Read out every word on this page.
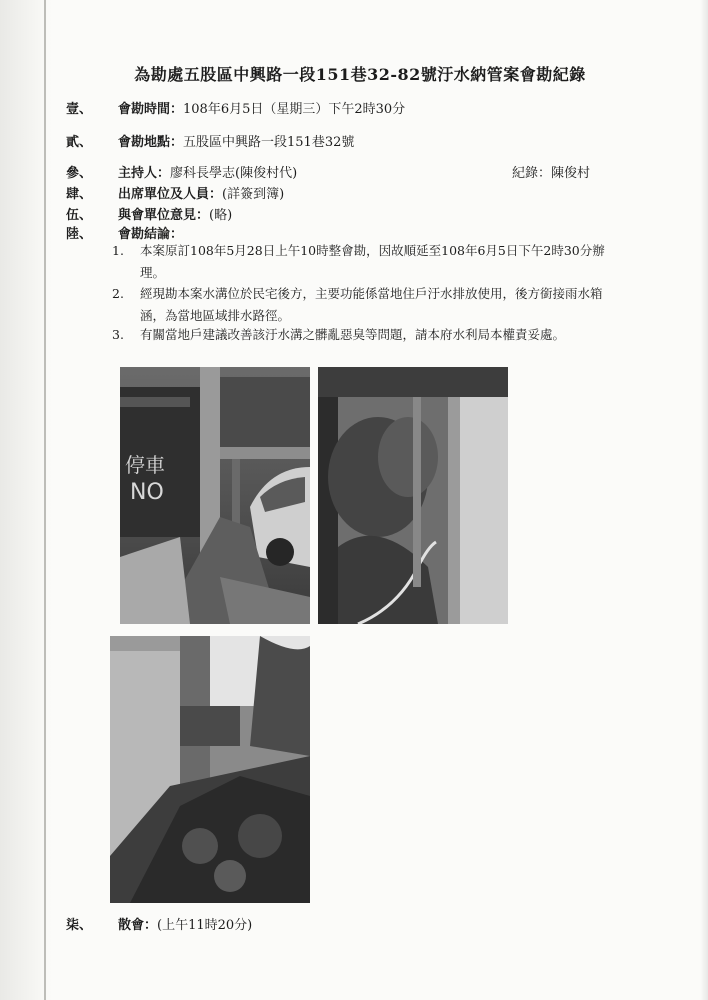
為勘處五股區中興路一段151巷32-82號汙水納管案會勘紀錄
壹、 會勘時間：108年6月5日（星期三）下午2時30分
貳、 會勘地點：五股區中興路一段151巷32號
參、 主持人：廖科長學志(陳俊村代)	紀錄：陳俊村
肆、 出席單位及人員：(詳簽到簿)
伍、 與會單位意見：(略)
陸、 會勘結論：
1. 本案原訂108年5月28日上午10時整會勘，因故順延至108年6月5日下午2時30分辦理。
2. 經現勘本案水溝位於民宅後方，主要功能係當地住戶汙水排放使用，後方銜接雨水箱涵，為當地區域排水路徑。
3. 有關當地戶建議改善該汙水溝之髒亂惡臭等問題，請本府水利局本權責妥處。
停車
NO
柒、 散會：(上午11時20分)
